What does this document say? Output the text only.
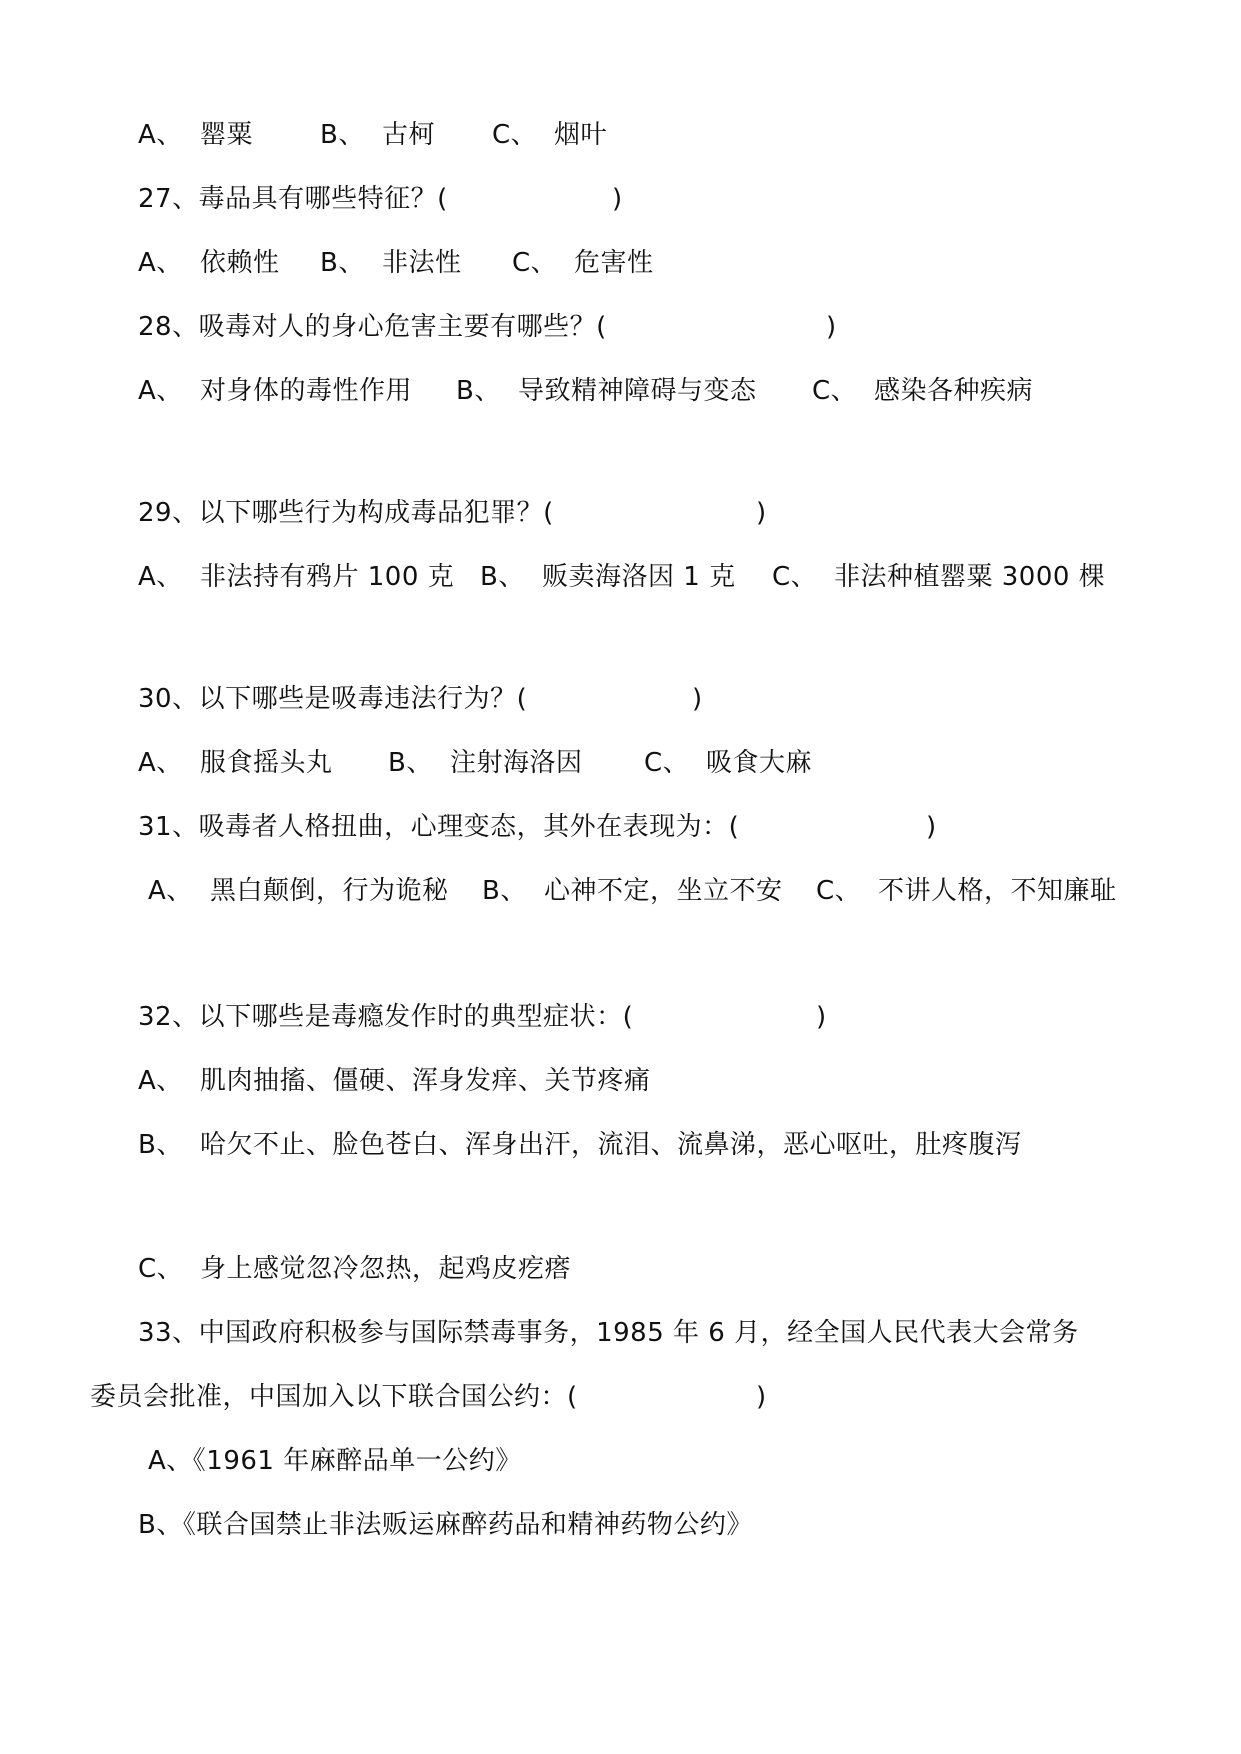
A、

罂粟

	B、

古柯

C、

烟叶

27、毒品具有哪些特征？(

	)

A、

依赖性

B、

非法性

C、

危害性

28、吸毒对人的身心危害主要有哪些？(

	)

A、

对身体的毒性作用

B、

导致精神障碍与变态

C、

感染各种疾病

29、以下哪些行为构成毒品犯罪？(

	)

A、

非法持有鸦片 100 克

B、

贩卖海洛因 1 克

C、

非法种植罂粟 3000 棵

30、以下哪些是吸毒违法行为？(

	)

A、

服食摇头丸

B、

注射海洛因

C、

吸食大麻

31、吸毒者人格扭曲，心理变态，其外在表现为：(

	)

A、

黑白颠倒，行为诡秘

B、

心神不定，坐立不安

C、

不讲人格，不知廉耻

32、以下哪些是毒瘾发作时的典型症状：(

	)

A、

肌肉抽搐、僵硬、浑身发痒、关节疼痛

B、

哈欠不止、脸色苍白、浑身出汗，流泪、流鼻涕，恶心呕吐，肚疼腹泻

C、

身上感觉忽冷忽热，起鸡皮疙瘩

33、中国政府积极参与国际禁毒事务，1985 年 6 月，经全国人民代表大会常务

委员会批准，中国加入以下联合国公约：(

	)

A、《1961 年麻醉品单一公约》

B、《联合国禁止非法贩运麻醉药品和精神药物公约》
